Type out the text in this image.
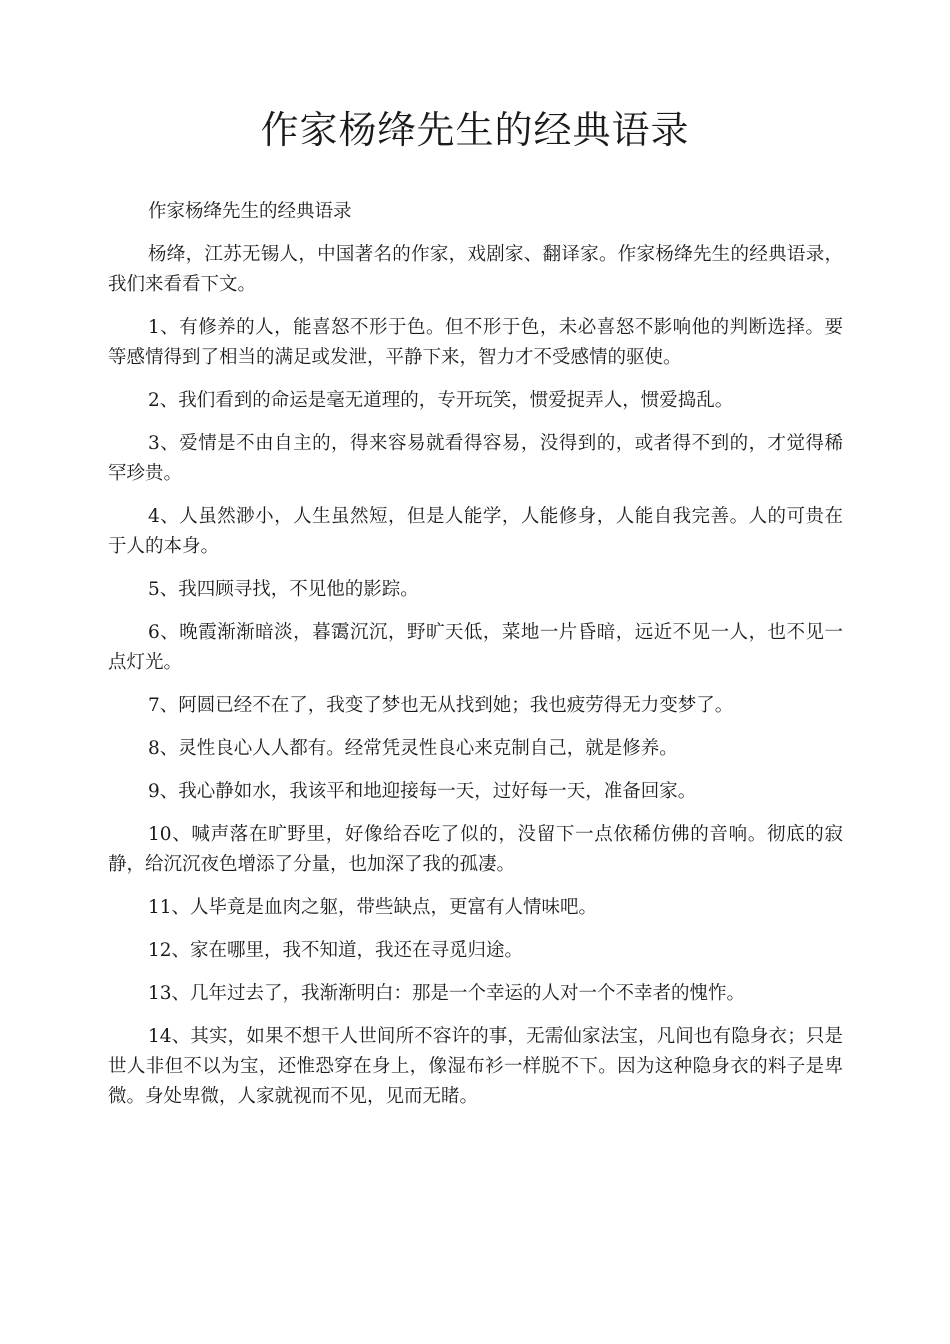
作家杨绛先生的经典语录

作家杨绛先生的经典语录

杨绛，江苏无锡人，中国著名的作家，戏剧家、翻译家。作家杨绛先生的经典语录，我们来看看下文。

1、有修养的人，能喜怒不形于色。但不形于色，未必喜怒不影响他的判断选择。要等感情得到了相当的满足或发泄，平静下来，智力才不受感情的驱使。

2、我们看到的命运是毫无道理的，专开玩笑，惯爱捉弄人，惯爱捣乱。

3、爱情是不由自主的，得来容易就看得容易，没得到的，或者得不到的，才觉得稀罕珍贵。

4、人虽然渺小，人生虽然短，但是人能学，人能修身，人能自我完善。人的可贵在于人的本身。

5、我四顾寻找，不见他的影踪。

6、晚霞渐渐暗淡，暮霭沉沉，野旷天低，菜地一片昏暗，远近不见一人，也不见一点灯光。

7、阿圆已经不在了，我变了梦也无从找到她；我也疲劳得无力变梦了。

8、灵性良心人人都有。经常凭灵性良心来克制自己，就是修养。

9、我心静如水，我该平和地迎接每一天，过好每一天，准备回家。

10、喊声落在旷野里，好像给吞吃了似的，没留下一点依稀仿佛的音响。彻底的寂静，给沉沉夜色增添了分量，也加深了我的孤凄。

11、人毕竟是血肉之躯，带些缺点，更富有人情味吧。

12、家在哪里，我不知道，我还在寻觅归途。

13、几年过去了，我渐渐明白：那是一个幸运的人对一个不幸者的愧怍。

14、其实，如果不想干人世间所不容许的事，无需仙家法宝，凡间也有隐身衣；只是世人非但不以为宝，还惟恐穿在身上，像湿布衫一样脱不下。因为这种隐身衣的料子是卑微。身处卑微，人家就视而不见，见而无睹。
